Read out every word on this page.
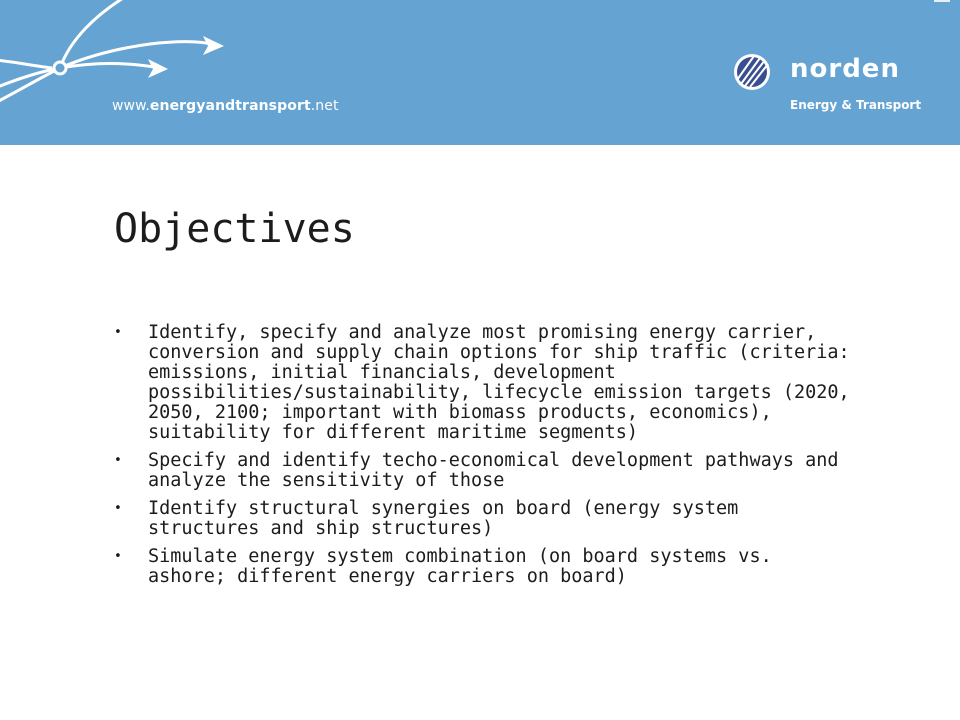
www.energyandtransport.net
norden
Energy & Transport
Objectives
• Identify, specify and analyze most promising energy carrier, conversion and supply chain options for ship traffic (criteria: emissions, initial financials, development possibilities/sustainability, lifecycle emission targets (2020, 2050, 2100; important with biomass products, economics), suitability for different maritime segments)
• Specify and identify techo-economical development pathways and analyze the sensitivity of those
• Identify structural synergies on board (energy system structures and ship structures)
• Simulate energy system combination (on board systems vs. ashore; different energy carriers on board)
